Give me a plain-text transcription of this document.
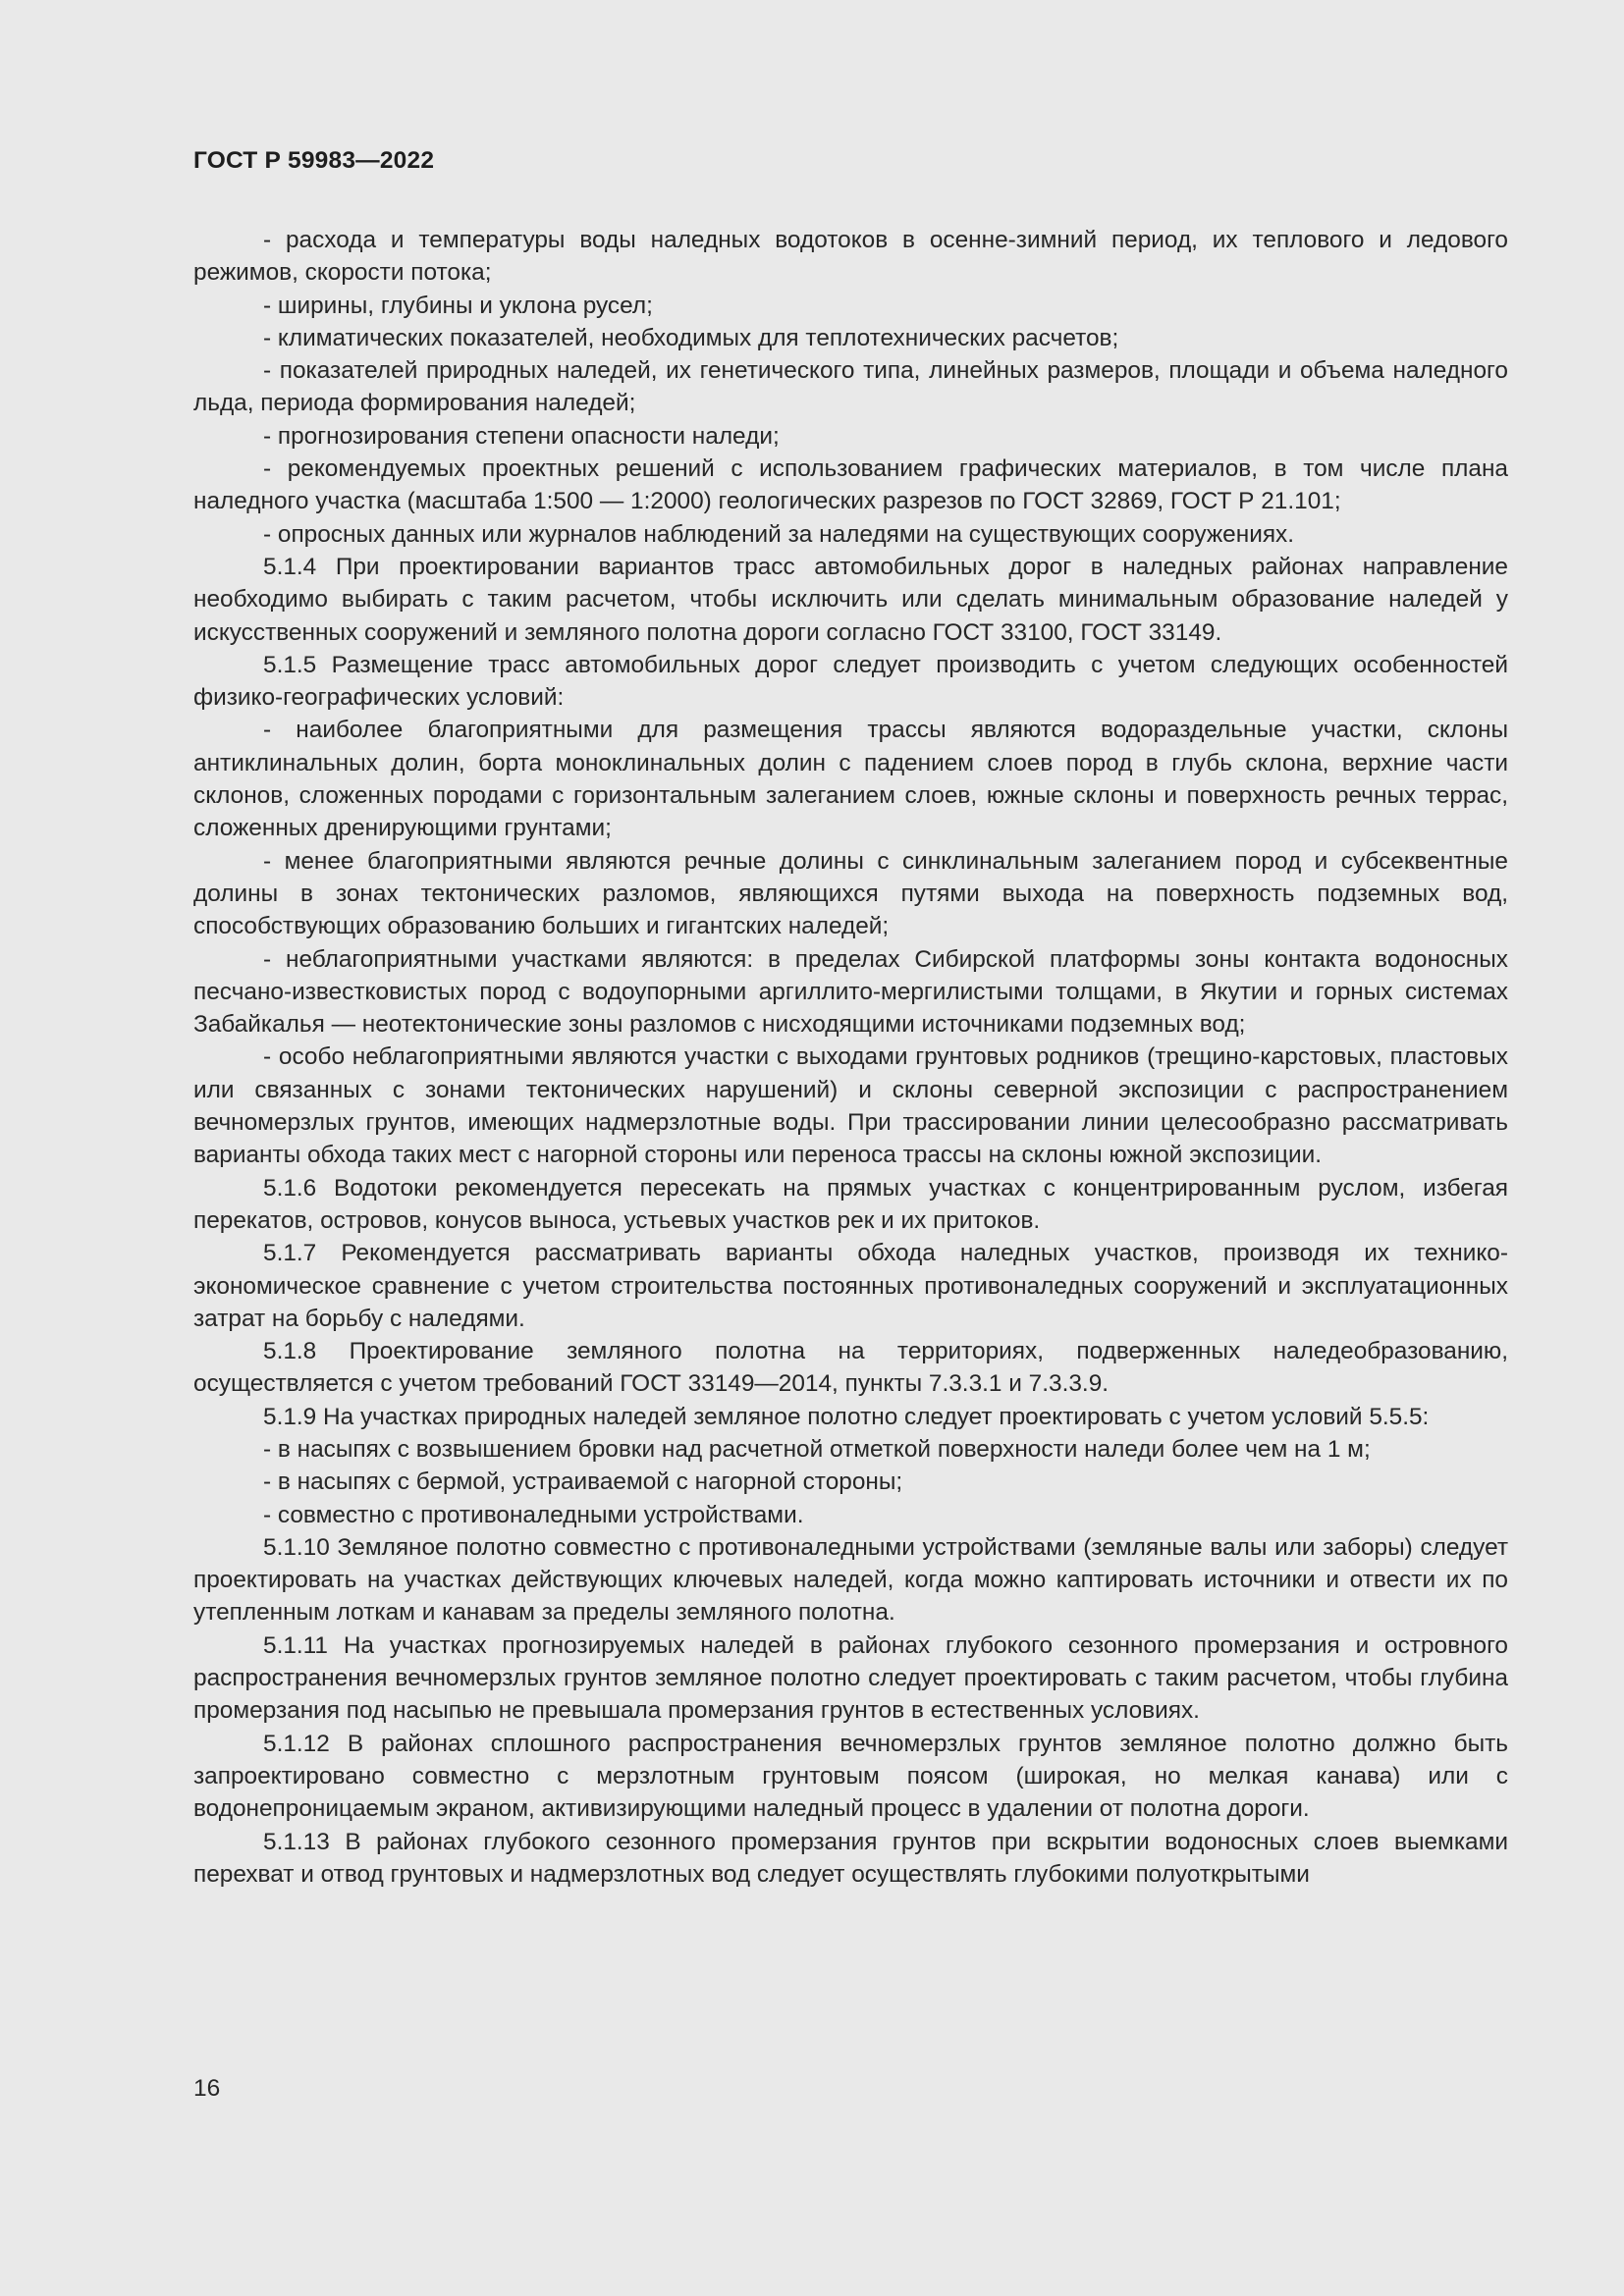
ГОСТ Р 59983—2022

- расхода и температуры воды наледных водотоков в осенне-зимний период, их теплового и ледового режимов, скорости потока;

- ширины, глубины и уклона русел;

- климатических показателей, необходимых для теплотехнических расчетов;

- показателей природных наледей, их генетического типа, линейных размеров, площади и объема наледного льда, периода формирования наледей;

- прогнозирования степени опасности наледи;

- рекомендуемых проектных решений с использованием графических материалов, в том числе плана наледного участка (масштаба 1:500 — 1:2000) геологических разрезов по ГОСТ 32869, ГОСТ Р 21.101;

- опросных данных или журналов наблюдений за наледями на существующих сооружениях.

5.1.4 При проектировании вариантов трасс автомобильных дорог в наледных районах направление необходимо выбирать с таким расчетом, чтобы исключить или сделать минимальным образование наледей у искусственных сооружений и земляного полотна дороги согласно ГОСТ 33100, ГОСТ 33149.

5.1.5 Размещение трасс автомобильных дорог следует производить с учетом следующих особенностей физико-географических условий:

- наиболее благоприятными для размещения трассы являются водораздельные участки, склоны антиклинальных долин, борта моноклинальных долин с падением слоев пород в глубь склона, верхние части склонов, сложенных породами с горизонтальным залеганием слоев, южные склоны и поверхность речных террас, сложенных дренирующими грунтами;

- менее благоприятными являются речные долины с синклинальным залеганием пород и субсеквентные долины в зонах тектонических разломов, являющихся путями выхода на поверхность подземных вод, способствующих образованию больших и гигантских наледей;

- неблагоприятными участками являются: в пределах Сибирской платформы зоны контакта водоносных песчано-известковистых пород с водоупорными аргиллито-мергилистыми толщами, в Якутии и горных системах Забайкалья — неотектонические зоны разломов с нисходящими источниками подземных вод;

- особо неблагоприятными являются участки с выходами грунтовых родников (трещино-карстовых, пластовых или связанных с зонами тектонических нарушений) и склоны северной экспозиции с распространением вечномерзлых грунтов, имеющих надмерзлотные воды. При трассировании линии целесообразно рассматривать варианты обхода таких мест с нагорной стороны или переноса трассы на склоны южной экспозиции.

5.1.6 Водотоки рекомендуется пересекать на прямых участках с концентрированным руслом, избегая перекатов, островов, конусов выноса, устьевых участков рек и их притоков.

5.1.7 Рекомендуется рассматривать варианты обхода наледных участков, производя их технико-экономическое сравнение с учетом строительства постоянных противоналедных сооружений и эксплуатационных затрат на борьбу с наледями.

5.1.8 Проектирование земляного полотна на территориях, подверженных наледеобразованию, осуществляется с учетом требований ГОСТ 33149—2014, пункты 7.3.3.1 и 7.3.3.9.

5.1.9 На участках природных наледей земляное полотно следует проектировать с учетом условий 5.5.5:

- в насыпях с возвышением бровки над расчетной отметкой поверхности наледи более чем на 1 м;

- в насыпях с бермой, устраиваемой с нагорной стороны;

- совместно с противоналедными устройствами.

5.1.10 Земляное полотно совместно с противоналедными устройствами (земляные валы или заборы) следует проектировать на участках действующих ключевых наледей, когда можно каптировать источники и отвести их по утепленным лоткам и канавам за пределы земляного полотна.

5.1.11 На участках прогнозируемых наледей в районах глубокого сезонного промерзания и островного распространения вечномерзлых грунтов земляное полотно следует проектировать с таким расчетом, чтобы глубина промерзания под насыпью не превышала промерзания грунтов в естественных условиях.

5.1.12 В районах сплошного распространения вечномерзлых грунтов земляное полотно должно быть запроектировано совместно с мерзлотным грунтовым поясом (широкая, но мелкая канава) или с водонепроницаемым экраном, активизирующими наледный процесс в удалении от полотна дороги.

5.1.13 В районах глубокого сезонного промерзания грунтов при вскрытии водоносных слоев выемками перехват и отвод грунтовых и надмерзлотных вод следует осуществлять глубокими полуоткрытыми

16
